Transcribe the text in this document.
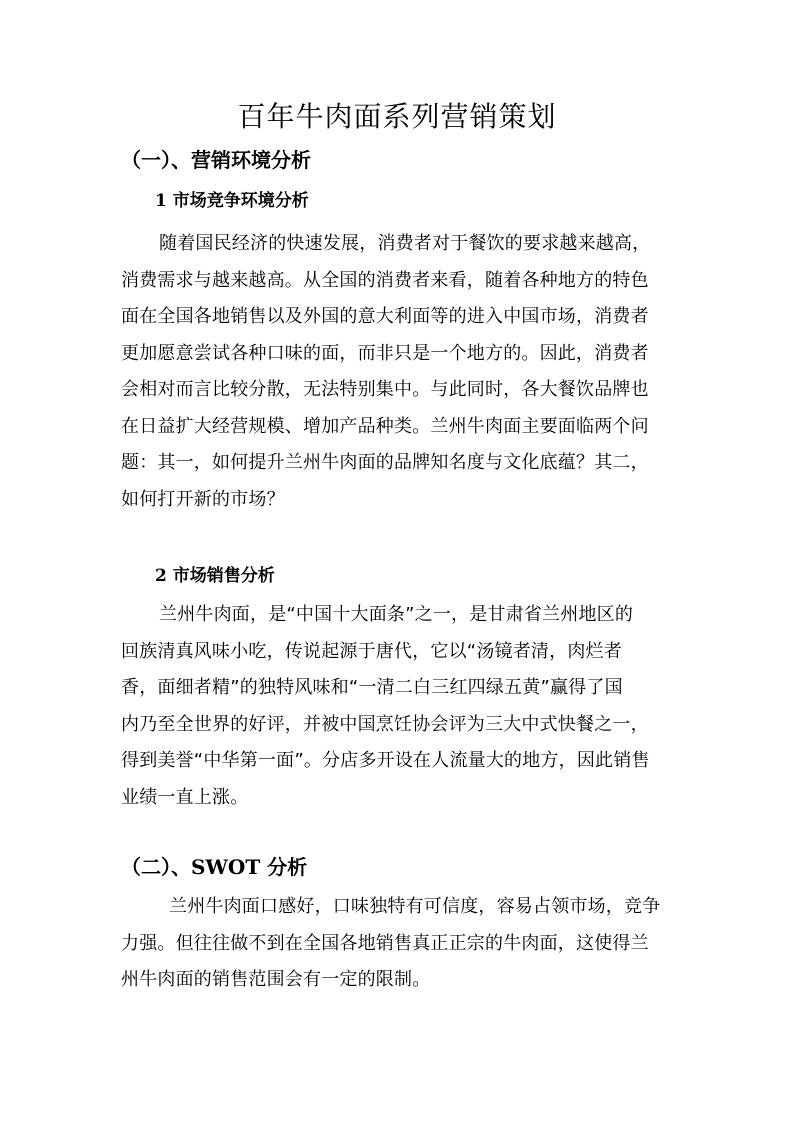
百年牛肉面系列营销策划
（一）、营销环境分析
1 市场竞争环境分析
随着国民经济的快速发展，消费者对于餐饮的要求越来越高，
消费需求与越来越高。从全国的消费者来看，随着各种地方的特色
面在全国各地销售以及外国的意大利面等的进入中国市场，消费者
更加愿意尝试各种口味的面，而非只是一个地方的。因此，消费者
会相对而言比较分散，无法特别集中。与此同时，各大餐饮品牌也
在日益扩大经营规模、增加产品种类。兰州牛肉面主要面临两个问
题：其一，如何提升兰州牛肉面的品牌知名度与文化底蕴？其二，
如何打开新的市场？
2 市场销售分析
兰州牛肉面，是“中国十大面条”之一，是甘肃省兰州地区的
回族清真风味小吃，传说起源于唐代，它以“汤镜者清，肉烂者
香，面细者精”的独特风味和“一清二白三红四绿五黄”赢得了国
内乃至全世界的好评，并被中国烹饪协会评为三大中式快餐之一，
得到美誉“中华第一面”。分店多开设在人流量大的地方，因此销售
业绩一直上涨。
（二）、SWOT 分析
兰州牛肉面口感好，口味独特有可信度，容易占领市场，竞争
力强。但往往做不到在全国各地销售真正正宗的牛肉面，这使得兰
州牛肉面的销售范围会有一定的限制。
